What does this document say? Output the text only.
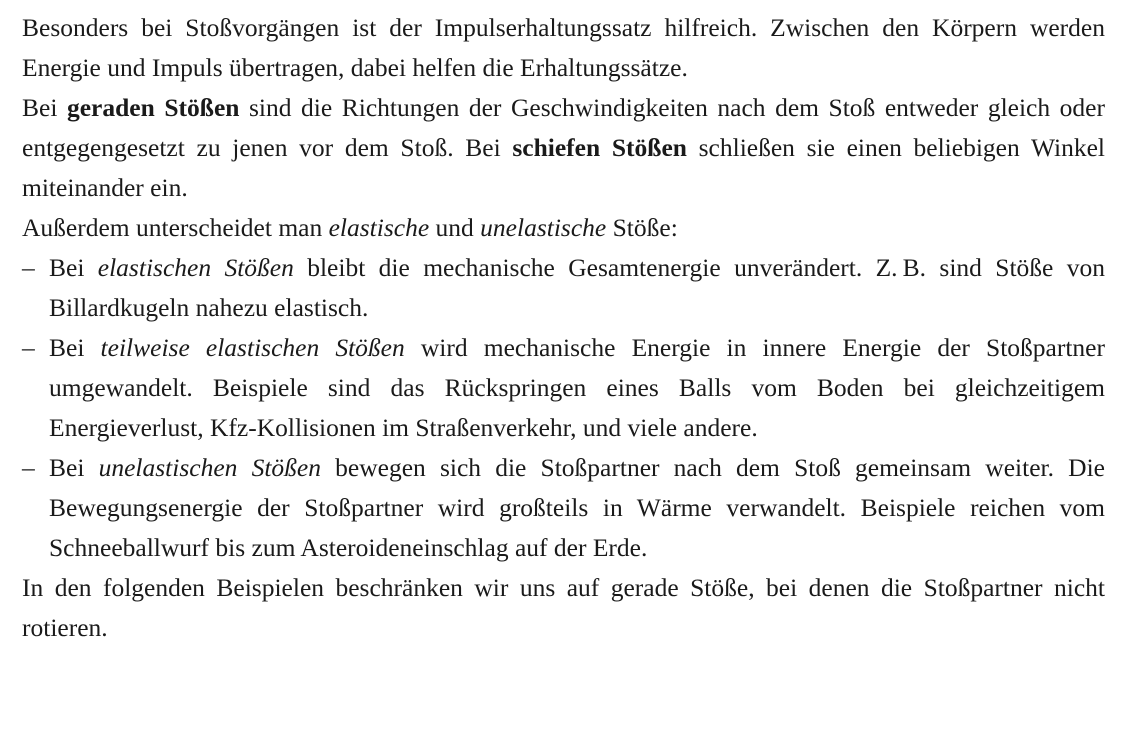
Besonders bei Stoßvorgängen ist der Impulserhaltungssatz hilfreich. Zwischen den Körpern werden Energie und Impuls übertragen, dabei helfen die Erhaltungssätze.

Bei geraden Stößen sind die Richtungen der Geschwindigkeiten nach dem Stoß entweder gleich oder entgegengesetzt zu jenen vor dem Stoß. Bei schiefen Stößen schließen sie einen beliebigen Winkel miteinander ein.

Außerdem unterscheidet man elastische und unelastische Stöße:

– Bei elastischen Stößen bleibt die mechanische Gesamtenergie unverändert. Z. B. sind Stöße von Billardkugeln nahezu elastisch.
– Bei teilweise elastischen Stößen wird mechanische Energie in innere Energie der Stoßpartner umgewandelt. Beispiele sind das Rückspringen eines Balls vom Boden bei gleichzeitigem Energieverlust, Kfz-Kollisionen im Straßenverkehr, und viele andere.
– Bei unelastischen Stößen bewegen sich die Stoßpartner nach dem Stoß gemeinsam weiter. Die Bewegungsenergie der Stoßpartner wird großteils in Wärme verwandelt. Beispiele reichen vom Schneeballwurf bis zum Asteroideneinschlag auf der Erde.

In den folgenden Beispielen beschränken wir uns auf gerade Stöße, bei denen die Stoßpartner nicht rotieren.
